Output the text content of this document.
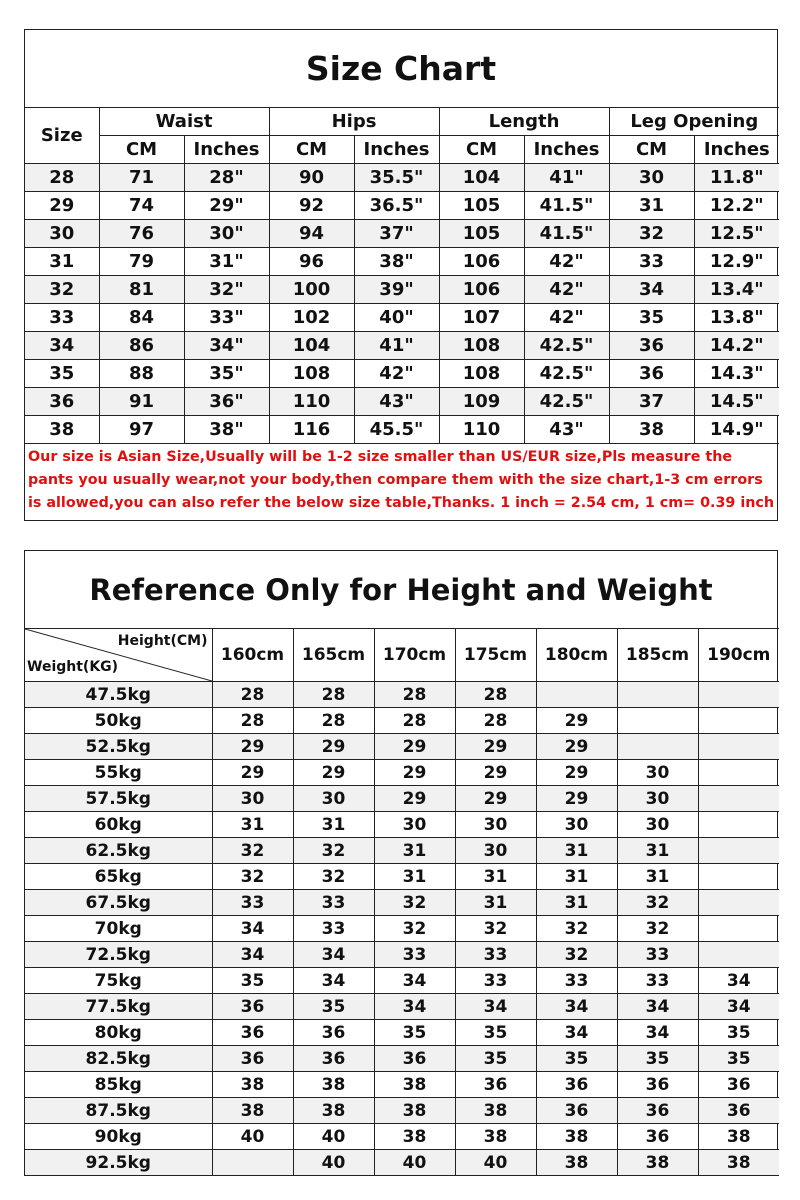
Size Chart
Size	Waist		Hips		Length		Leg Opening	
	CM	Inches	CM	Inches	CM	Inches	CM	Inches
28	71	28"	90	35.5"	104	41"	30	11.8"
29	74	29"	92	36.5"	105	41.5"	31	12.2"
30	76	30"	94	37"	105	41.5"	32	12.5"
31	79	31"	96	38"	106	42"	33	12.9"
32	81	32"	100	39"	106	42"	34	13.4"
33	84	33"	102	40"	107	42"	35	13.8"
34	86	34"	104	41"	108	42.5"	36	14.2"
35	88	35"	108	42"	108	42.5"	36	14.3"
36	91	36"	110	43"	109	42.5"	37	14.5"
38	97	38"	116	45.5"	110	43"	38	14.9"
Our size is Asian Size,Usually will be 1-2 size smaller than US/EUR size,Pls measure the
pants you usually wear,not your body,then compare them with the size chart,1-3 cm errors
is allowed,you can also refer the below size table,Thanks. 1 inch = 2.54 cm, 1 cm= 0.39 inch
Reference Only for Height and Weight
Height(CM)
Weight(KG)	160cm	165cm	170cm	175cm	180cm	185cm	190cm
47.5kg	28	28	28	28			
50kg	28	28	28	28	29		
52.5kg	29	29	29	29	29		
55kg	29	29	29	29	29	30	
57.5kg	30	30	29	29	29	30	
60kg	31	31	30	30	30	30	
62.5kg	32	32	31	30	31	31	
65kg	32	32	31	31	31	31	
67.5kg	33	33	32	31	31	32	
70kg	34	33	32	32	32	32	
72.5kg	34	34	33	33	32	33	
75kg	35	34	34	33	33	33	34
77.5kg	36	35	34	34	34	34	34
80kg	36	36	35	35	34	34	35
82.5kg	36	36	36	35	35	35	35
85kg	38	38	38	36	36	36	36
87.5kg	38	38	38	38	36	36	36
90kg	40	40	38	38	38	36	38
92.5kg		40	40	40	38	38	38
